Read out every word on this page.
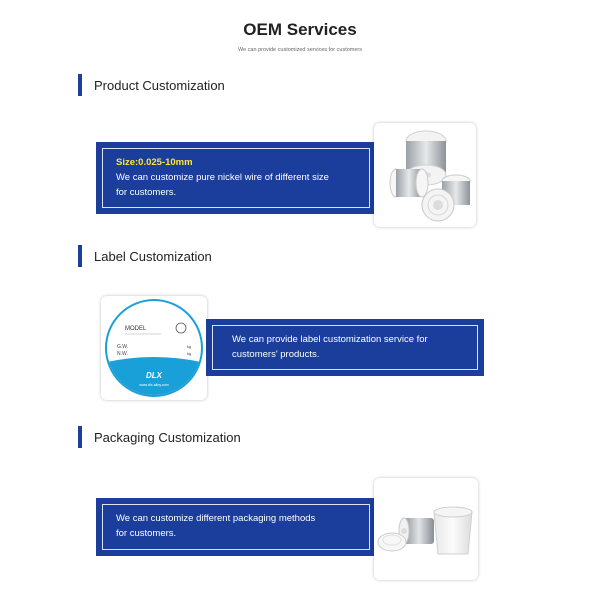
OEM Services
We can provide customized services for customers
Product Customization
Size:0.025-10mm
We can customize pure nickel wire of different size
for customers.
Label Customization
MODEL
G.W.
N.W.
kg
kg
DLX
www.dlx-alloy.com
We can provide label customization service for
customers' products.
Packaging Customization
We can customize different packaging methods
for customers.
